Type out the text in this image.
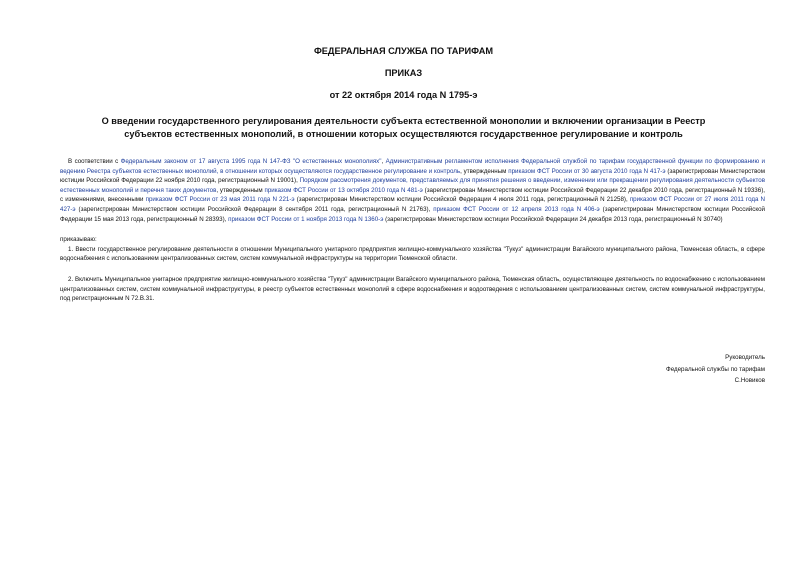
ФЕДЕРАЛЬНАЯ СЛУЖБА ПО ТАРИФАМ
ПРИКАЗ
от 22 октября 2014 года N 1795-э
О введении государственного регулирования деятельности субъекта естественной монополии и включении организации в Реестр субъектов естественных монополий, в отношении которых осуществляются государственное регулирование и контроль

В соответствии с Федеральным законом от 17 августа 1995 года N 147-ФЗ "О естественных монополиях", Административным регламентом исполнения Федеральной службой по тарифам государственной функции по формированию и ведению Реестра субъектов естественных монополий, в отношении которых осуществляются государственное регулирование и контроль, утвержденным приказом ФСТ России от 30 августа 2010 года N 417-э (зарегистрирован Министерством юстиции Российской Федерации 22 ноября 2010 года, регистрационный N 19001), Порядком рассмотрения документов, представляемых для принятия решения о введении, изменении или прекращении регулирования деятельности субъектов естественных монополий и перечня таких документов, утвержденным приказом ФСТ России от 13 октября 2010 года N 481-э (зарегистрирован Министерством юстиции Российской Федерации 22 декабря 2010 года, регистрационный N 19336), с изменениями, внесенными приказом ФСТ России от 23 мая 2011 года N 221-э (зарегистрирован Министерством юстиции Российской Федерации 4 июля 2011 года, регистрационный N 21258), приказом ФСТ России от 27 июля 2011 года N 427-э (зарегистрирован Министерством юстиции Российской Федерации 8 сентября 2011 года, регистрационный N 21763), приказом ФСТ России от 12 апреля 2013 года N 406-э (зарегистрирован Министерством юстиции Российской Федерации 15 мая 2013 года, регистрационный N 28393), приказом ФСТ России от 1 ноября 2013 года N 1360-э (зарегистрирован Министерством юстиции Российской Федерации 24 декабря 2013 года, регистрационный N 30740)

приказываю:

1. Ввести государственное регулирование деятельности в отношении Муниципального унитарного предприятия жилищно-коммунального хозяйства "Тукуз" администрации Вагайского муниципального района, Тюменская область, в сфере водоснабжения с использованием централизованных систем, систем коммунальной инфраструктуры на территории Тюменской области.

2. Включить Муниципальное унитарное предприятие жилищно-коммунального хозяйства "Тукуз" администрации Вагайского муниципального района, Тюменская область, осуществляющее деятельность по водоснабжению с использованием централизованных систем, систем коммунальной инфраструктуры, в реестр субъектов естественных монополий в сфере водоснабжения и водоотведения с использованием централизованных систем, систем коммунальной инфраструктуры, под регистрационным N 72.В.31.

Руководитель
Федеральной службы по тарифам
С.Новиков
